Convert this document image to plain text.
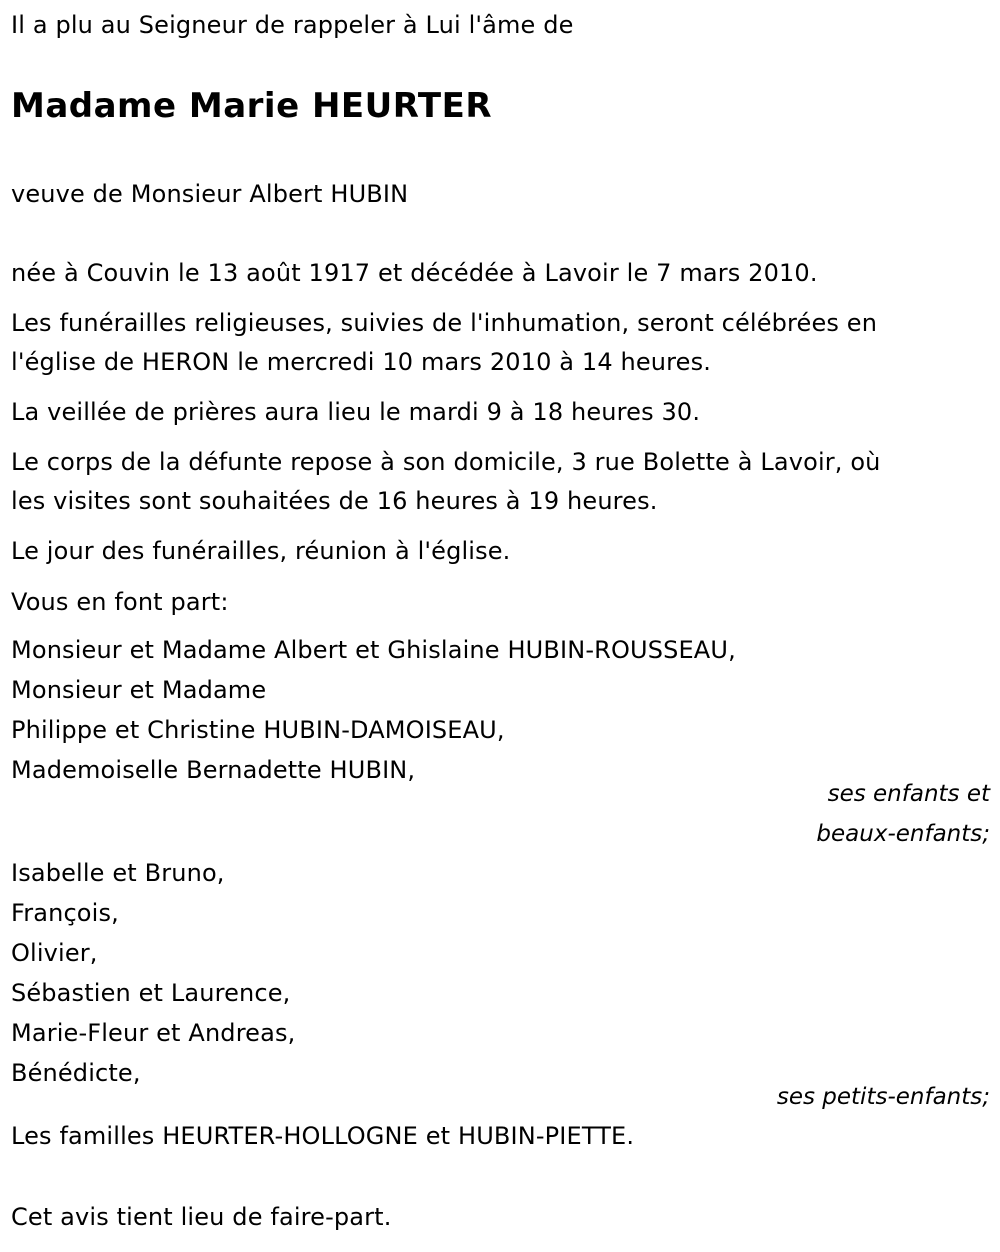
Il a plu au Seigneur de rappeler à Lui l'âme de
Madame Marie HEURTER
veuve de Monsieur Albert HUBIN
née à Couvin le 13 août 1917 et décédée à Lavoir le 7 mars 2010.
Les funérailles religieuses, suivies de l'inhumation, seront célébrées en
l'église de HERON le mercredi 10 mars 2010 à 14 heures.
La veillée de prières aura lieu le mardi 9 à 18 heures 30.
Le corps de la défunte repose à son domicile, 3 rue Bolette à Lavoir, où
les visites sont souhaitées de 16 heures à 19 heures.
Le jour des funérailles, réunion à l'église.
Vous en font part:
Monsieur et Madame Albert et Ghislaine HUBIN-ROUSSEAU,
Monsieur et Madame
Philippe et Christine HUBIN-DAMOISEAU,
Mademoiselle Bernadette HUBIN,
ses enfants et
beaux-enfants;
Isabelle et Bruno,
François,
Olivier,
Sébastien et Laurence,
Marie-Fleur et Andreas,
Bénédicte,
ses petits-enfants;
Les familles HEURTER-HOLLOGNE et HUBIN-PIETTE.
Cet avis tient lieu de faire-part.
